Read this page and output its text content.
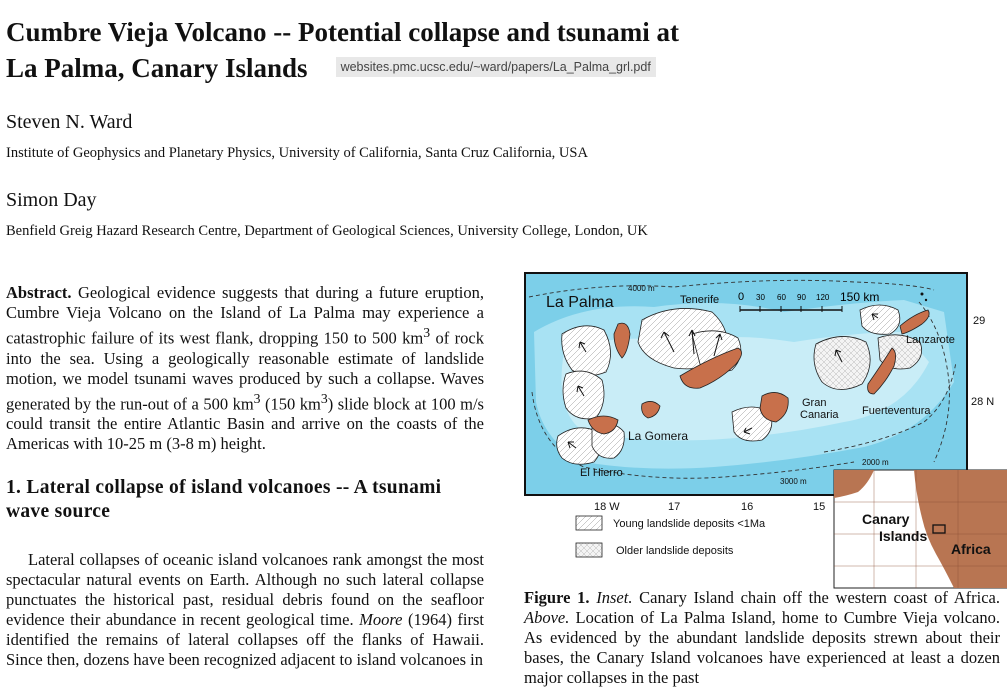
Cumbre Vieja Volcano -- Potential collapse and tsunami at
La Palma, Canary Islands	websites.pmc.ucsc.edu/~ward/papers/La_Palma_grl.pdf

Steven N. Ward

Institute of Geophysics and Planetary Physics, University of California, Santa Cruz California, USA

Simon Day

Benfield Greig Hazard Research Centre, Department of Geological Sciences, University College, London, UK

Abstract. Geological evidence suggests that during a future eruption, Cumbre Vieja Volcano on the Island of La Palma may experience a catastrophic failure of its west flank, dropping 150 to 500 $km^3$ of rock into the sea. Using a geologically reasonable estimate of landslide motion, we model tsunami waves produced by such a collapse. Waves generated by the run-out of a 500 $km^3$ (150 $km^3$) slide block at 100 m/s could transit the entire Atlantic Basin and arrive on the coasts of the Americas with 10-25 m (3-8 m) height.

1. Lateral collapse of island volcanoes -- A tsunami wave source

Lateral collapses of oceanic island volcanoes rank amongst the most spectacular natural events on Earth. Although no such lateral collapse punctuates the historical past, residual debris found on the seafloor evidence their abundance in recent geological time. Moore (1964) first identified the remains of lateral collapses off the flanks of Hawaii. Since then, dozens have been recognized adjacent to island volcanoes in

0 30 60 90 120 150 km
La Palma	Tenerife
La Gomera
El Hierro
Gran
Canaria Fuerteventura
Lanzarote
4000 m
3000 m
2000 m
29
28 N
18 W	17	16	15
Young landslide deposits <1Ma
Older landslide deposits
Canary
Islands
Africa

Figure 1. Inset. Canary Island chain off the western coast of Africa. Above. Location of La Palma Island, home to Cumbre Vieja volcano. As evidenced by the abundant landslide deposits strewn about their bases, the Canary Island volcanoes have experienced at least a dozen major collapses in the past
